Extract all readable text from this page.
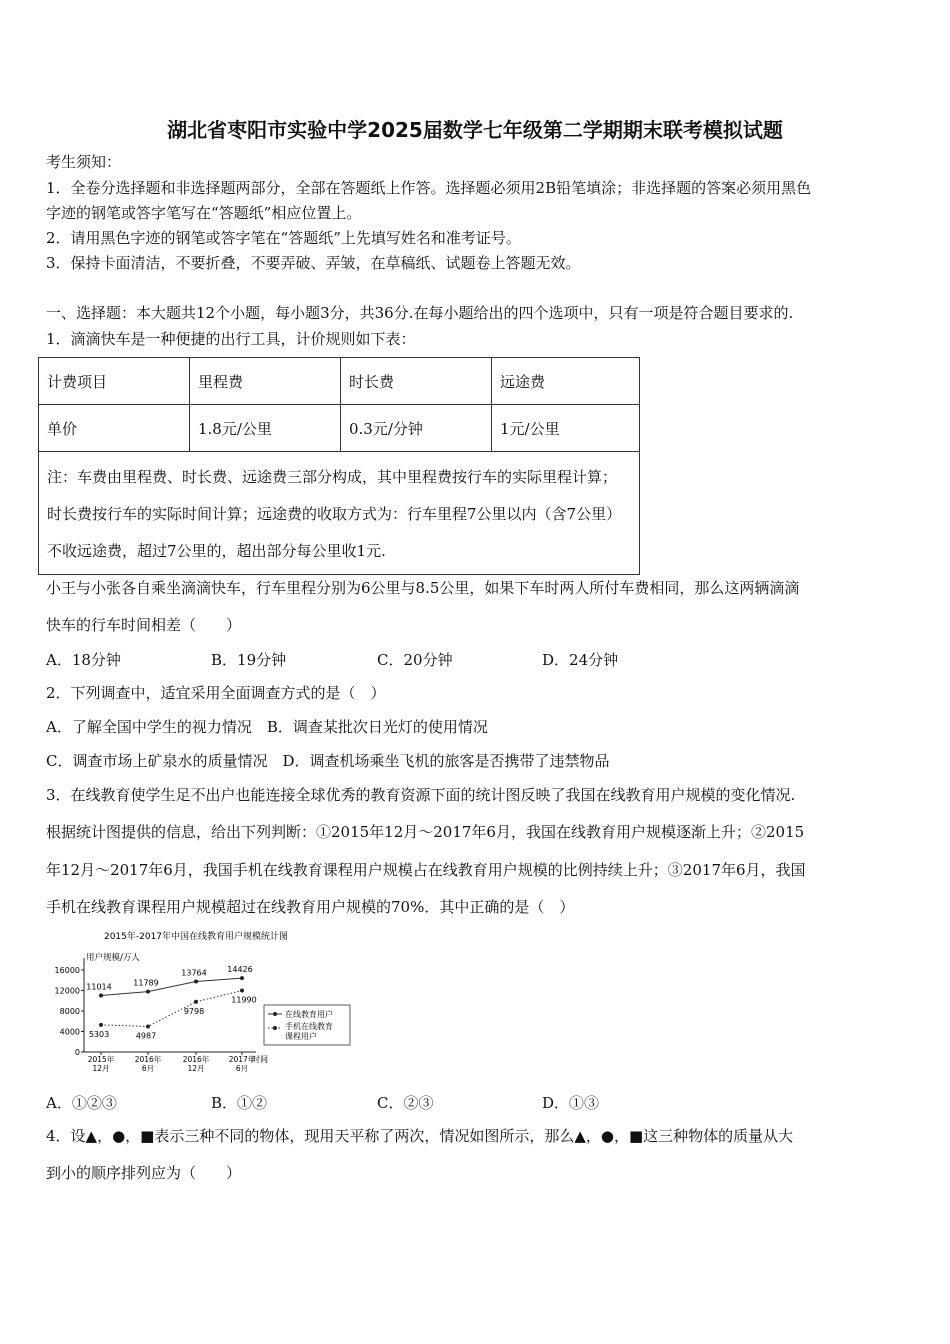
湖北省枣阳市实验中学2025届数学七年级第二学期期末联考模拟试题
考生须知：
1．全卷分选择题和非选择题两部分，全部在答题纸上作答。选择题必须用2B铅笔填涂；非选择题的答案必须用黑色
字迹的钢笔或答字笔写在“答题纸”相应位置上。
2．请用黑色字迹的钢笔或答字笔在“答题纸”上先填写姓名和准考证号。
3．保持卡面清洁，不要折叠，不要弄破、弄皱，在草稿纸、试题卷上答题无效。
一、选择题：本大题共12个小题，每小题3分，共36分.在每小题给出的四个选项中，只有一项是符合题目要求的.
1．滴滴快车是一种便捷的出行工具，计价规则如下表：
计费项目	里程费	时长费	远途费
单价	1.8元/公里	0.3元/分钟	1元/公里
注：车费由里程费、时长费、远途费三部分构成，其中里程费按行车的实际里程计算；时长费按行车的实际时间计算；远途费的收取方式为：行车里程7公里以内（含7公里）不收远途费，超过7公里的，超出部分每公里收1元.			
小王与小张各自乘坐滴滴快车，行车里程分别为6公里与8.5公里，如果下车时两人所付车费相同，那么这两辆滴滴
快车的行车时间相差（　　）
A．18分钟	B．19分钟	C．20分钟	D．24分钟
2．下列调查中，适宜采用全面调查方式的是（　）
A．了解全国中学生的视力情况　B．调查某批次日光灯的使用情况
C．调查市场上矿泉水的质量情况　D．调查机场乘坐飞机的旅客是否携带了违禁物品
3．在线教育使学生足不出户也能连接全球优秀的教育资源下面的统计图反映了我国在线教育用户规模的变化情况.
根据统计图提供的信息，给出下列判断：①2015年12月～2017年6月，我国在线教育用户规模逐渐上升；②2015
年12月～2017年6月，我国手机在线教育课程用户规模占在线教育用户规模的比例持续上升；③2017年6月，我国
手机在线教育课程用户规模超过在线教育用户规模的70%．其中正确的是（　）
2015年-2017年中国在线教育用户规模统计图
用户规模/万人
时间
0
4000
8000
12000
16000
2015年
12月
2016年
6月
2016年
12月
2017年
6月
11014	11789
13764	14426
5303	4987
9798
11990
在线教育用户
手机在线教育
课程用户
A．①②③	B．①②	C．②③	D．①③
4．设▲，●，■表示三种不同的物体，现用天平称了两次，情况如图所示，那么▲，●，■这三种物体的质量从大
到小的顺序排列应为（　　）
